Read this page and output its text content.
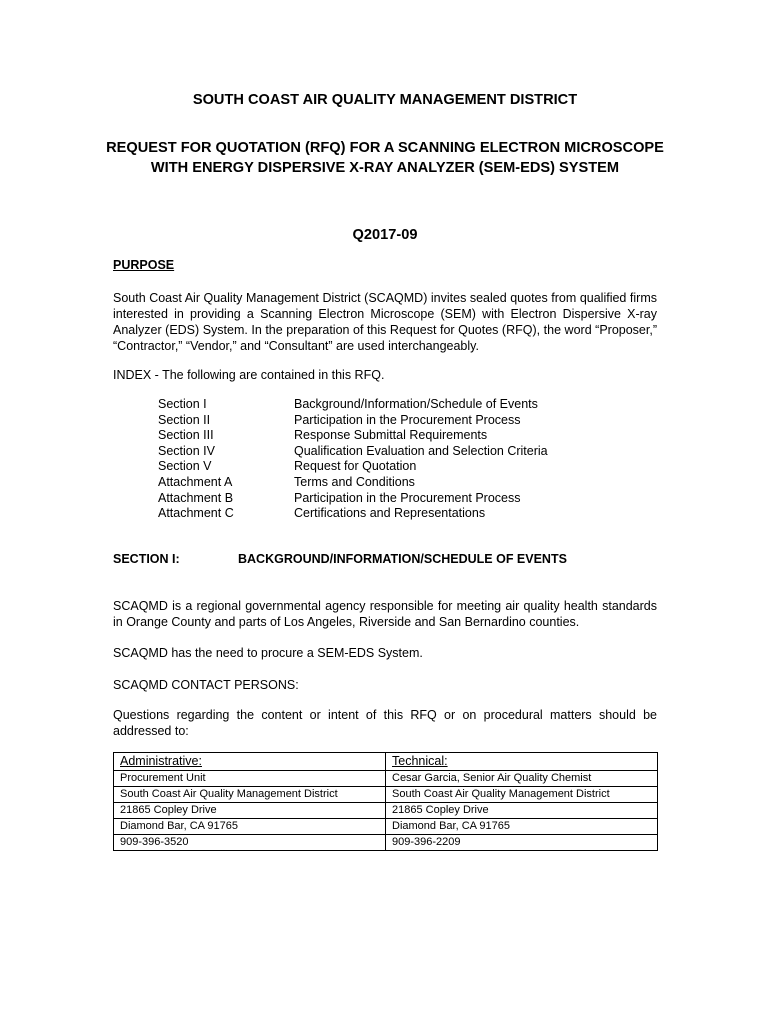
SOUTH COAST AIR QUALITY MANAGEMENT DISTRICT
REQUEST FOR QUOTATION (RFQ) FOR A SCANNING ELECTRON MICROSCOPE WITH ENERGY DISPERSIVE X-RAY ANALYZER (SEM-EDS) SYSTEM
Q2017-09
PURPOSE
South Coast Air Quality Management District (SCAQMD) invites sealed quotes from qualified firms interested in providing a Scanning Electron Microscope (SEM) with Electron Dispersive X-ray Analyzer (EDS) System. In the preparation of this Request for Quotes (RFQ), the word “Proposer,” “Contractor,” “Vendor,” and “Consultant” are used interchangeably.
INDEX - The following are contained in this RFQ.
Section I	Background/Information/Schedule of Events
Section II	Participation in the Procurement Process
Section III	Response Submittal Requirements
Section IV	Qualification Evaluation and Selection Criteria
Section V	Request for Quotation
Attachment A	Terms and Conditions
Attachment B	Participation in the Procurement Process
Attachment C	Certifications and Representations
SECTION I:	BACKGROUND/INFORMATION/SCHEDULE OF EVENTS
SCAQMD is a regional governmental agency responsible for meeting air quality health standards in Orange County and parts of Los Angeles, Riverside and San Bernardino counties.
SCAQMD has the need to procure a SEM-EDS System.
SCAQMD CONTACT PERSONS:
Questions regarding the content or intent of this RFQ or on procedural matters should be addressed to:
Administrative:	Technical:
Procurement Unit	Cesar Garcia, Senior Air Quality Chemist
South Coast Air Quality Management District	South Coast Air Quality Management District
21865 Copley Drive	21865 Copley Drive
Diamond Bar, CA 91765	Diamond Bar, CA 91765
909-396-3520	909-396-2209
